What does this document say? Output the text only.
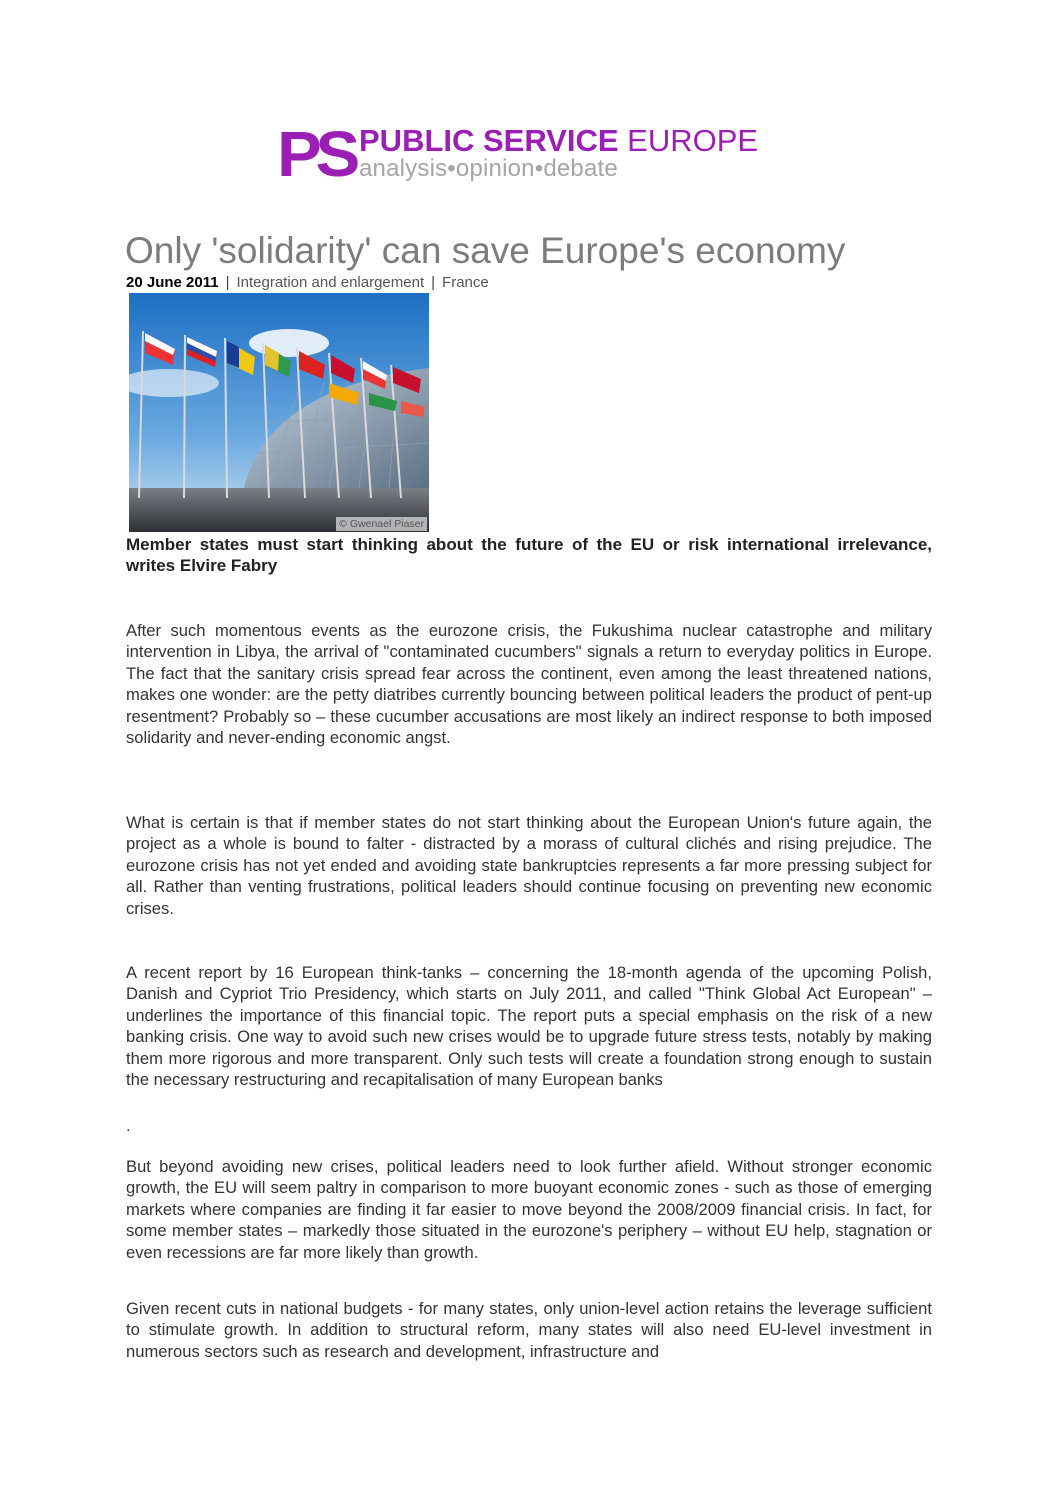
PS PUBLIC SERVICE EUROPE
analysis•opinion•debate
Only 'solidarity' can save Europe's economy
20 June 2011 | Integration and enlargement | France
© Gwenael Piaser

Member states must start thinking about the future of the EU or risk international irrelevance, writes Elvire Fabry

After such momentous events as the eurozone crisis, the Fukushima nuclear catastrophe and military intervention in Libya, the arrival of "contaminated cucumbers" signals a return to everyday politics in Europe. The fact that the sanitary crisis spread fear across the continent, even among the least threatened nations, makes one wonder: are the petty diatribes currently bouncing between political leaders the product of pent-up resentment? Probably so – these cucumber accusations are most likely an indirect response to both imposed solidarity and never-ending economic angst.

What is certain is that if member states do not start thinking about the European Union's future again, the project as a whole is bound to falter - distracted by a morass of cultural clichés and rising prejudice. The eurozone crisis has not yet ended and avoiding state bankruptcies represents a far more pressing subject for all. Rather than venting frustrations, political leaders should continue focusing on preventing new economic crises.

A recent report by 16 European think-tanks – concerning the 18-month agenda of the upcoming Polish, Danish and Cypriot Trio Presidency, which starts on July 2011, and called "Think Global Act European" – underlines the importance of this financial topic. The report puts a special emphasis on the risk of a new banking crisis. One way to avoid such new crises would be to upgrade future stress tests, notably by making them more rigorous and more transparent. Only such tests will create a foundation strong enough to sustain the necessary restructuring and recapitalisation of many European banks

.

But beyond avoiding new crises, political leaders need to look further afield. Without stronger economic growth, the EU will seem paltry in comparison to more buoyant economic zones - such as those of emerging markets where companies are finding it far easier to move beyond the 2008/2009 financial crisis. In fact, for some member states – markedly those situated in the eurozone's periphery – without EU help, stagnation or even recessions are far more likely than growth.

Given recent cuts in national budgets - for many states, only union-level action retains the leverage sufficient to stimulate growth. In addition to structural reform, many states will also need EU-level investment in numerous sectors such as research and development, infrastructure and
